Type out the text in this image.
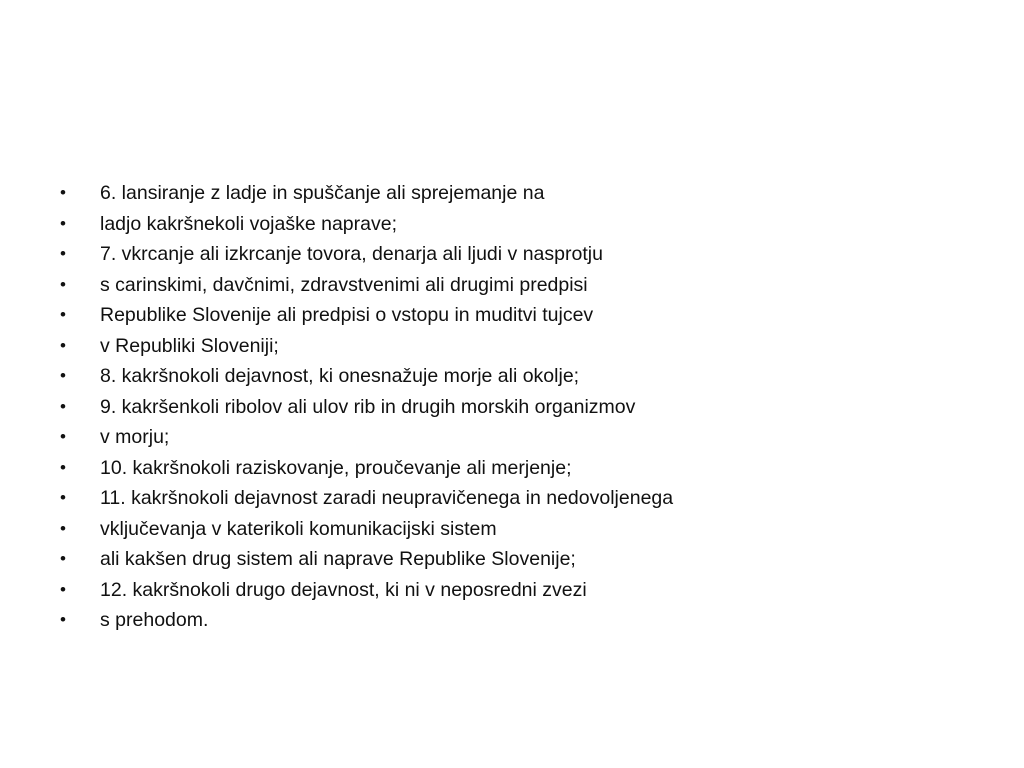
•	6. lansiranje z ladje in spuščanje ali sprejemanje na
•	ladjo kakršnekoli vojaške naprave;
•	7. vkrcanje ali izkrcanje tovora, denarja ali ljudi v nasprotju
•	s carinskimi, davčnimi, zdravstvenimi ali drugimi predpisi
•	Republike Slovenije ali predpisi o vstopu in muditvi tujcev
•	v Republiki Sloveniji;
•	8. kakršnokoli dejavnost, ki onesnažuje morje ali okolje;
•	9. kakršenkoli ribolov ali ulov rib in drugih morskih organizmov
•	v morju;
•	10. kakršnokoli raziskovanje, proučevanje ali merjenje;
•	11. kakršnokoli dejavnost zaradi neupravičenega in nedovoljenega
•	vključevanja v katerikoli komunikacijski sistem
•	ali kakšen drug sistem ali naprave Republike Slovenije;
•	12. kakršnokoli drugo dejavnost, ki ni v neposredni zvezi
•	s prehodom.
